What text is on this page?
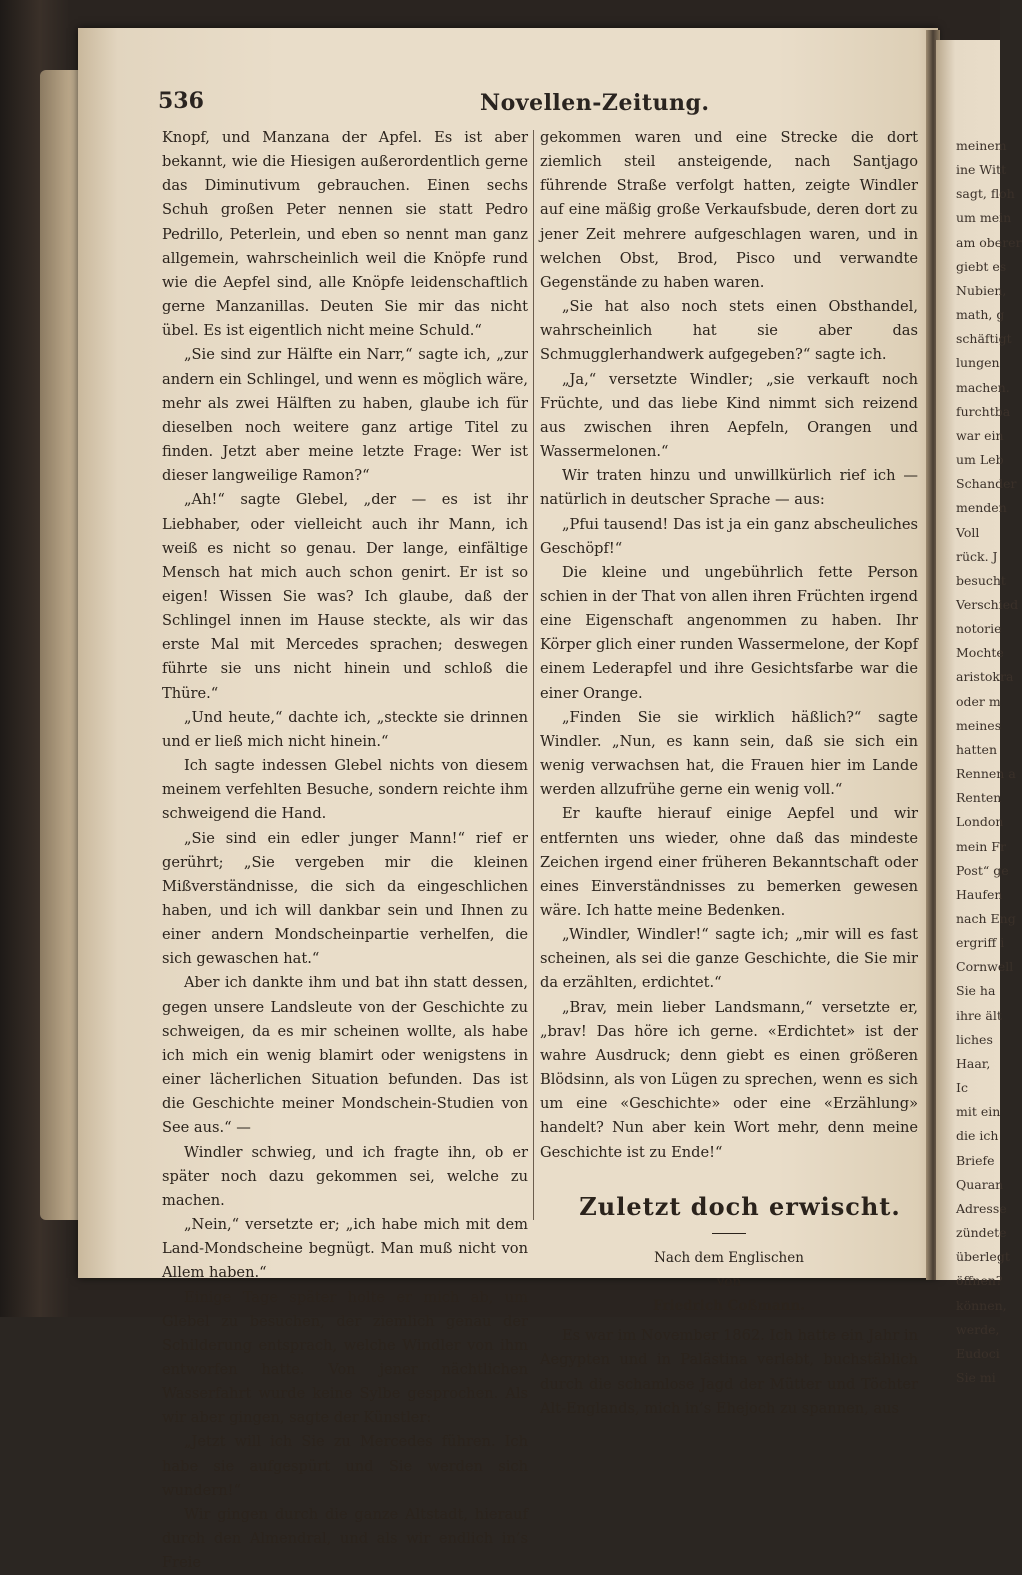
536	Novellen-Zeitung.

Knopf, und Manzana der Apfel. Es ist aber bekannt, wie die Hiesigen außerordentlich gerne das Diminutivum gebrauchen. Einen sechs Schuh großen Peter nennen sie statt Pedro Pedrillo, Peterlein, und eben so nennt man ganz allgemein, wahrscheinlich weil die Knöpfe rund wie die Aepfel sind, alle Knöpfe leidenschaftlich gerne Manzanillas. Deuten Sie mir das nicht übel. Es ist eigentlich nicht meine Schuld.“

„Sie sind zur Hälfte ein Narr,“ sagte ich, „zur andern ein Schlingel, und wenn es möglich wäre, mehr als zwei Hälften zu haben, glaube ich für dieselben noch weitere ganz artige Titel zu finden. Jetzt aber meine letzte Frage: Wer ist dieser langweilige Ramon?“

„Ah!“ sagte Glebel, „der — es ist ihr Liebhaber, oder vielleicht auch ihr Mann, ich weiß es nicht so genau. Der lange, einfältige Mensch hat mich auch schon genirt. Er ist so eigen! Wissen Sie was? Ich glaube, daß der Schlingel innen im Hause steckte, als wir das erste Mal mit Mercedes sprachen; deswegen führte sie uns nicht hinein und schloß die Thüre.“

„Und heute,“ dachte ich, „steckte sie drinnen und er ließ mich nicht hinein.“

Ich sagte indessen Glebel nichts von diesem meinem verfehlten Besuche, sondern reichte ihm schweigend die Hand.

„Sie sind ein edler junger Mann!“ rief er gerührt; „Sie vergeben mir die kleinen Mißverständnisse, die sich da eingeschlichen haben, und ich will dankbar sein und Ihnen zu einer andern Mondscheinpartie verhelfen, die sich gewaschen hat.“

Aber ich dankte ihm und bat ihn statt dessen, gegen unsere Landsleute von der Geschichte zu schweigen, da es mir scheinen wollte, als habe ich mich ein wenig blamirt oder wenigstens in einer lächerlichen Situation befunden. Das ist die Geschichte meiner Mondschein-Studien von See aus.“ —

Windler schwieg, und ich fragte ihn, ob er später noch dazu gekommen sei, welche zu machen.

„Nein,“ versetzte er; „ich habe mich mit dem Land-Mondscheine begnügt. Man muß nicht von Allem haben.“

Einige Tage später holte er mich ab, um Glebel zu besuchen, der ziemlich genau der Schilderung entsprach, welche Windler von ihm entworfen hatte. Von jener nächtlichen Wasserfahrt wurde keine Sylbe gesprochen. Als wir aber gingen, sagte der Künstler:

„Jetzt will ich Sie zu Mercedes führen. Ich habe sie aufgespürt und Sie werden sich wundern!“

Wir gingen durch die ganze Altstadt, hierauf durch den Almendral, und als wir endlich in’s Freie

gekommen waren und eine Strecke die dort ziemlich steil ansteigende, nach Santjago führende Straße verfolgt hatten, zeigte Windler auf eine mäßig große Verkaufsbude, deren dort zu jener Zeit mehrere aufgeschlagen waren, und in welchen Obst, Brod, Pisco und verwandte Gegenstände zu haben waren.

„Sie hat also noch stets einen Obsthandel, wahrscheinlich hat sie aber das Schmugglerhandwerk aufgegeben?“ sagte ich.

„Ja,“ versetzte Windler; „sie verkauft noch Früchte, und das liebe Kind nimmt sich reizend aus zwischen ihren Aepfeln, Orangen und Wassermelonen.“

Wir traten hinzu und unwillkürlich rief ich — natürlich in deutscher Sprache — aus:

„Pfui tausend! Das ist ja ein ganz abscheuliches Geschöpf!“

Die kleine und ungebührlich fette Person schien in der That von allen ihren Früchten irgend eine Eigenschaft angenommen zu haben. Ihr Körper glich einer runden Wassermelone, der Kopf einem Lederapfel und ihre Gesichtsfarbe war die einer Orange.

„Finden Sie sie wirklich häßlich?“ sagte Windler. „Nun, es kann sein, daß sie sich ein wenig verwachsen hat, die Frauen hier im Lande werden allzufrühe gerne ein wenig voll.“

Er kaufte hierauf einige Aepfel und wir entfernten uns wieder, ohne daß das mindeste Zeichen irgend einer früheren Bekanntschaft oder eines Einverständnisses zu bemerken gewesen wäre. Ich hatte meine Bedenken.

„Windler, Windler!“ sagte ich; „mir will es fast scheinen, als sei die ganze Geschichte, die Sie mir da erzählten, erdichtet.“

„Brav, mein lieber Landsmann,“ versetzte er, „brav! Das höre ich gerne. «Erdichtet» ist der wahre Ausdruck; denn giebt es einen größeren Blödsinn, als von Lügen zu sprechen, wenn es sich um eine «Geschichte» oder eine «Erzählung» handelt? Nun aber kein Wort mehr, denn meine Geschichte ist zu Ende!“

Zuletzt doch erwischt.

Nach dem Englischen

von

Friedrich Coßmann.

Es war im November 1862. Ich hatte ein Jahr in Aegypten und in Palästina verlebt, buchstäblich durch die schamlose Jagd der Mütter und Töchter Alt-Englands, mich in’s Ehejoch zu spannen, aus

meinem
ine Witt
sagt, floh
um mein
am oberer
giebt es
Nubien,
math, g
schäftigt
lungen
machen.
furchtba
war ein
um Leb
Schander
menden
Voll
rück. J
besucht
Verschied
notorie
Mochte
aristokra
oder m
meines
hatten
Rennen a
Renten
London
mein Fr
Post“ ge
Haufen
nach Eng
ergriff i
Cornwell
Sie ha
ihre ält
liches
Haar,
Ic
mit ein
die ich
Briefe
Quaran
Adresse
zündete
überlegt
öffnen?
können,
werde,
Eudoci
Sie mi
